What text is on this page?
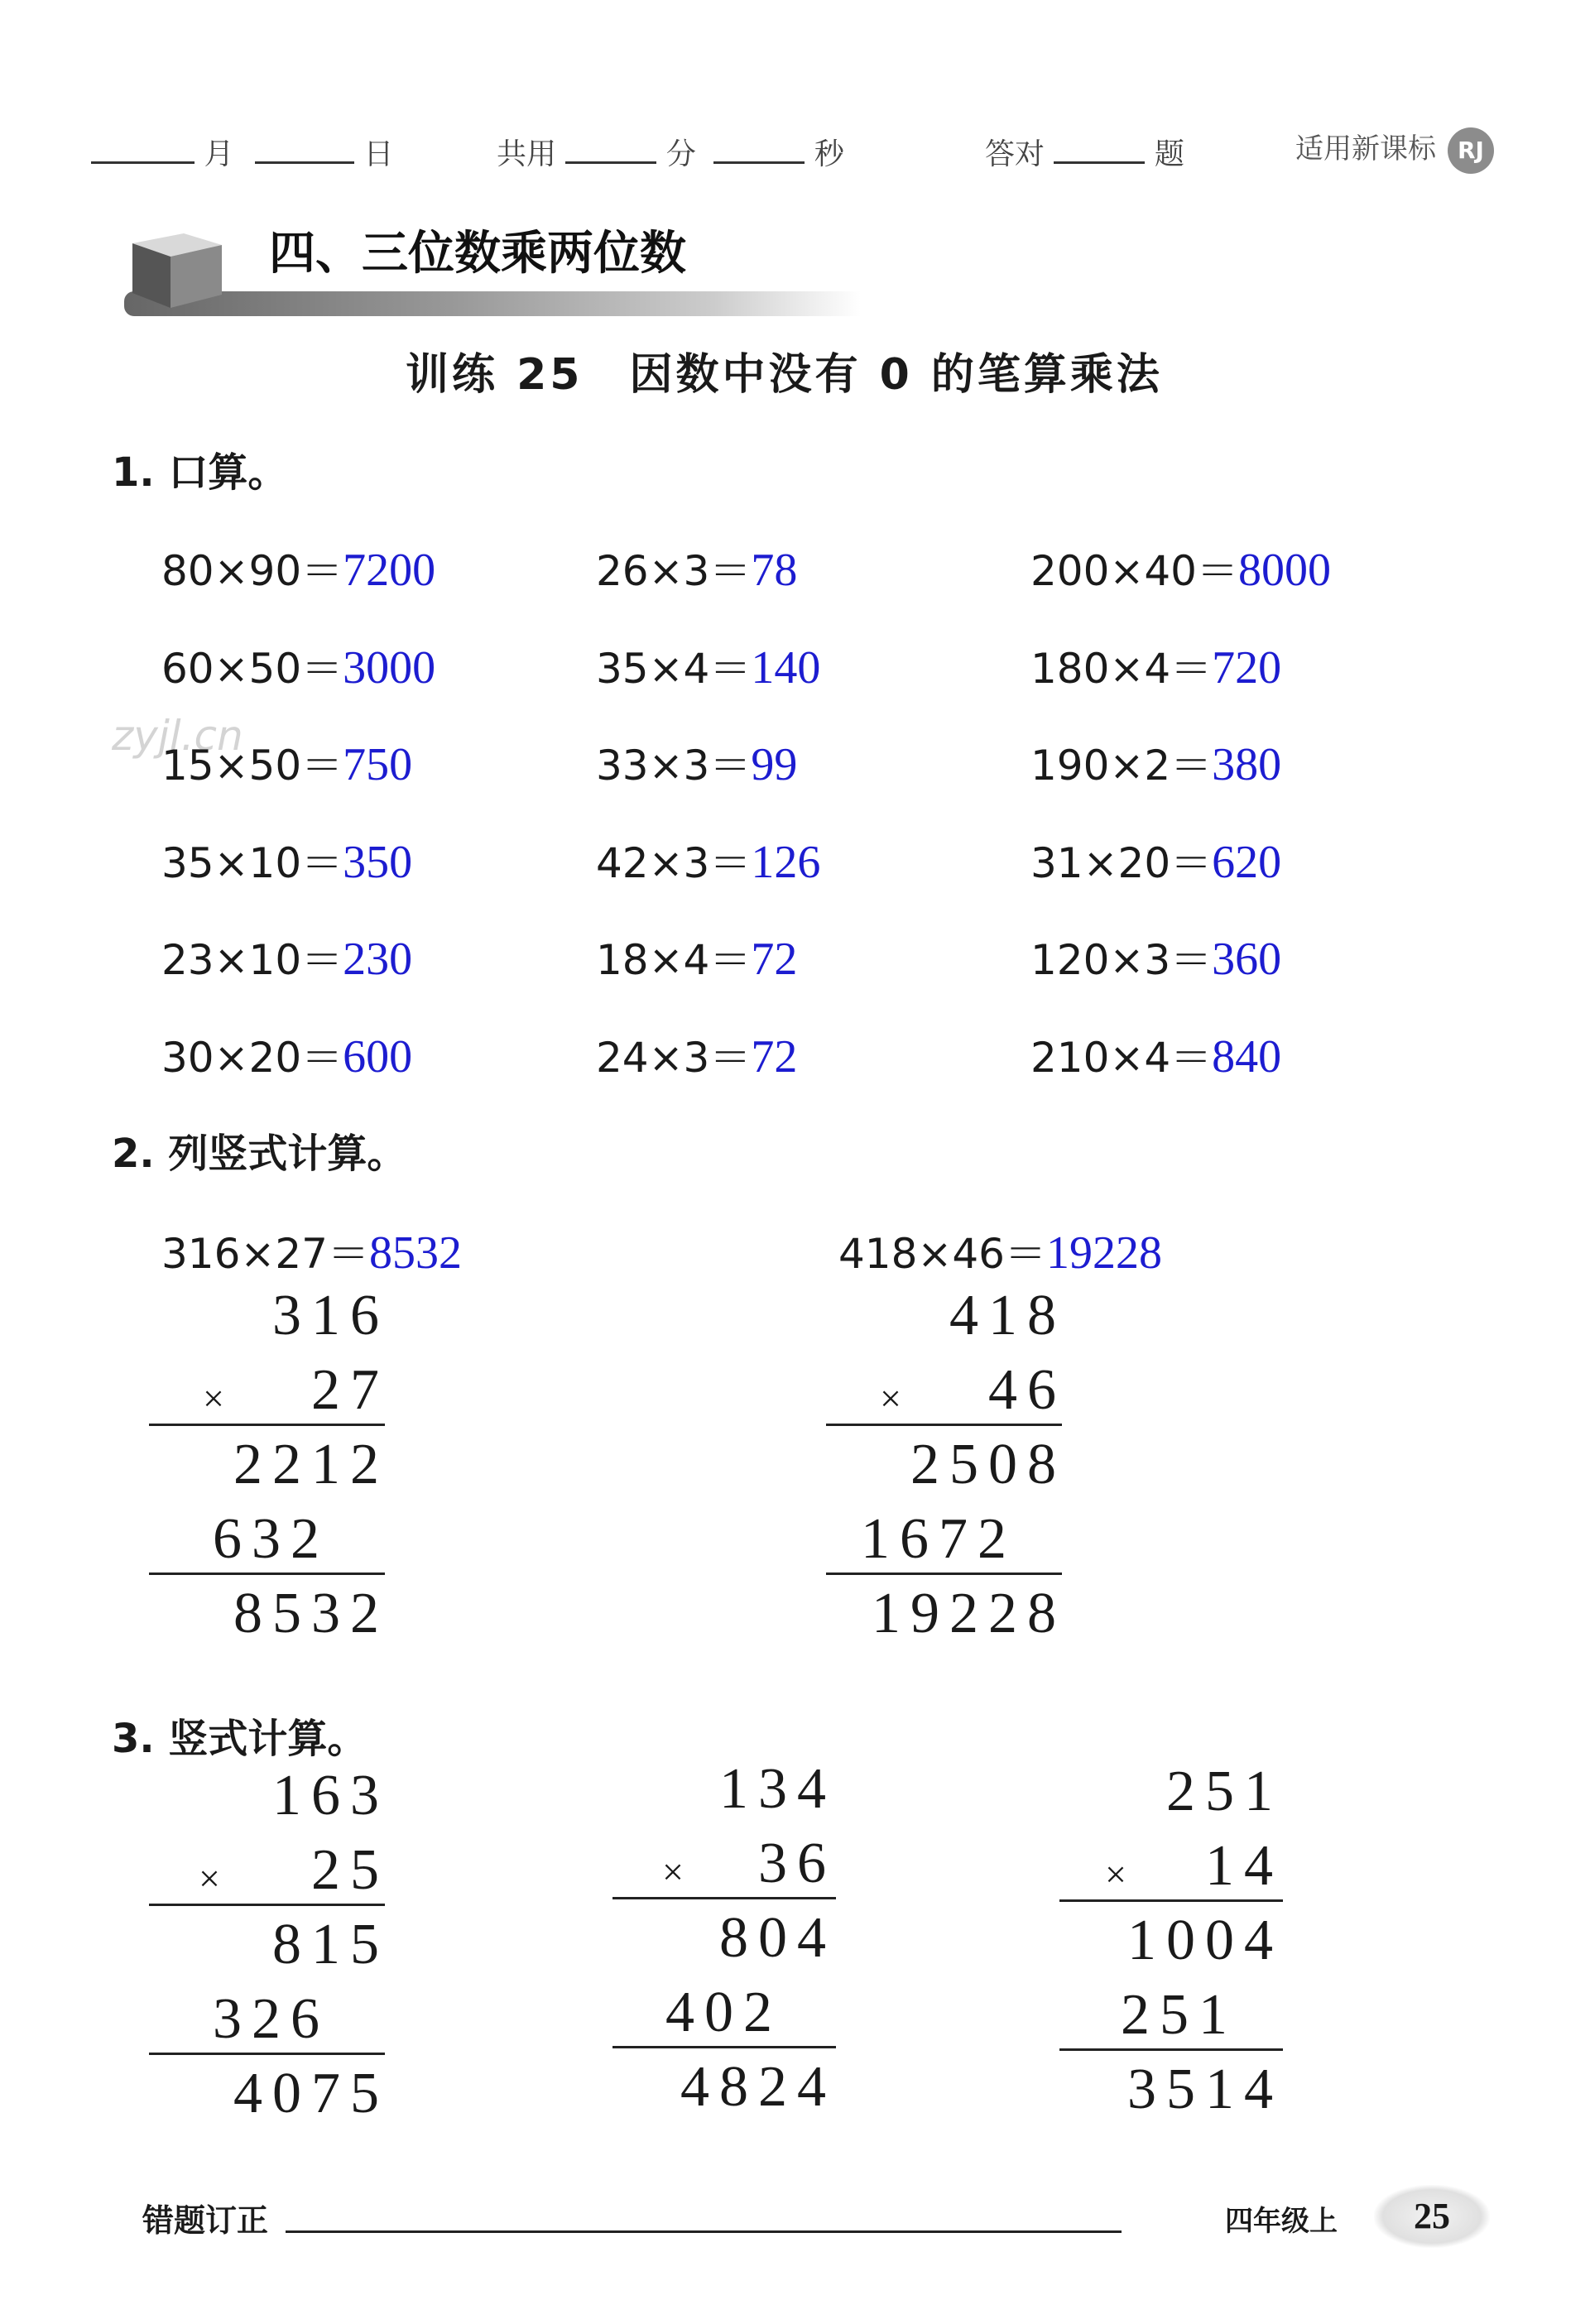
月	日	共用	分	秒	答对	题	适用新课标 RJ
四、三位数乘两位数
训练 25　因数中没有 0 的笔算乘法
1. 口算。
zyjl.cn
80×90＝7200	26×3＝78	200×40＝8000
60×50＝3000	35×4＝140	180×4＝720
15×50＝750	33×3＝99	190×2＝380
35×10＝350	42×3＝126	31×20＝620
23×10＝230	18×4＝72	120×3＝360
30×20＝600	24×3＝72	210×4＝840
2. 列竖式计算。
316×27＝8532	418×46＝19228
316
×	27
2212
632
8532
418
×	46
2508
1672
19228
3. 竖式计算。
163
×	25
815
326
4075
134
×	36
804
402
4824
251
×	14
1004
251
3514
错题订正	四年级上	25
